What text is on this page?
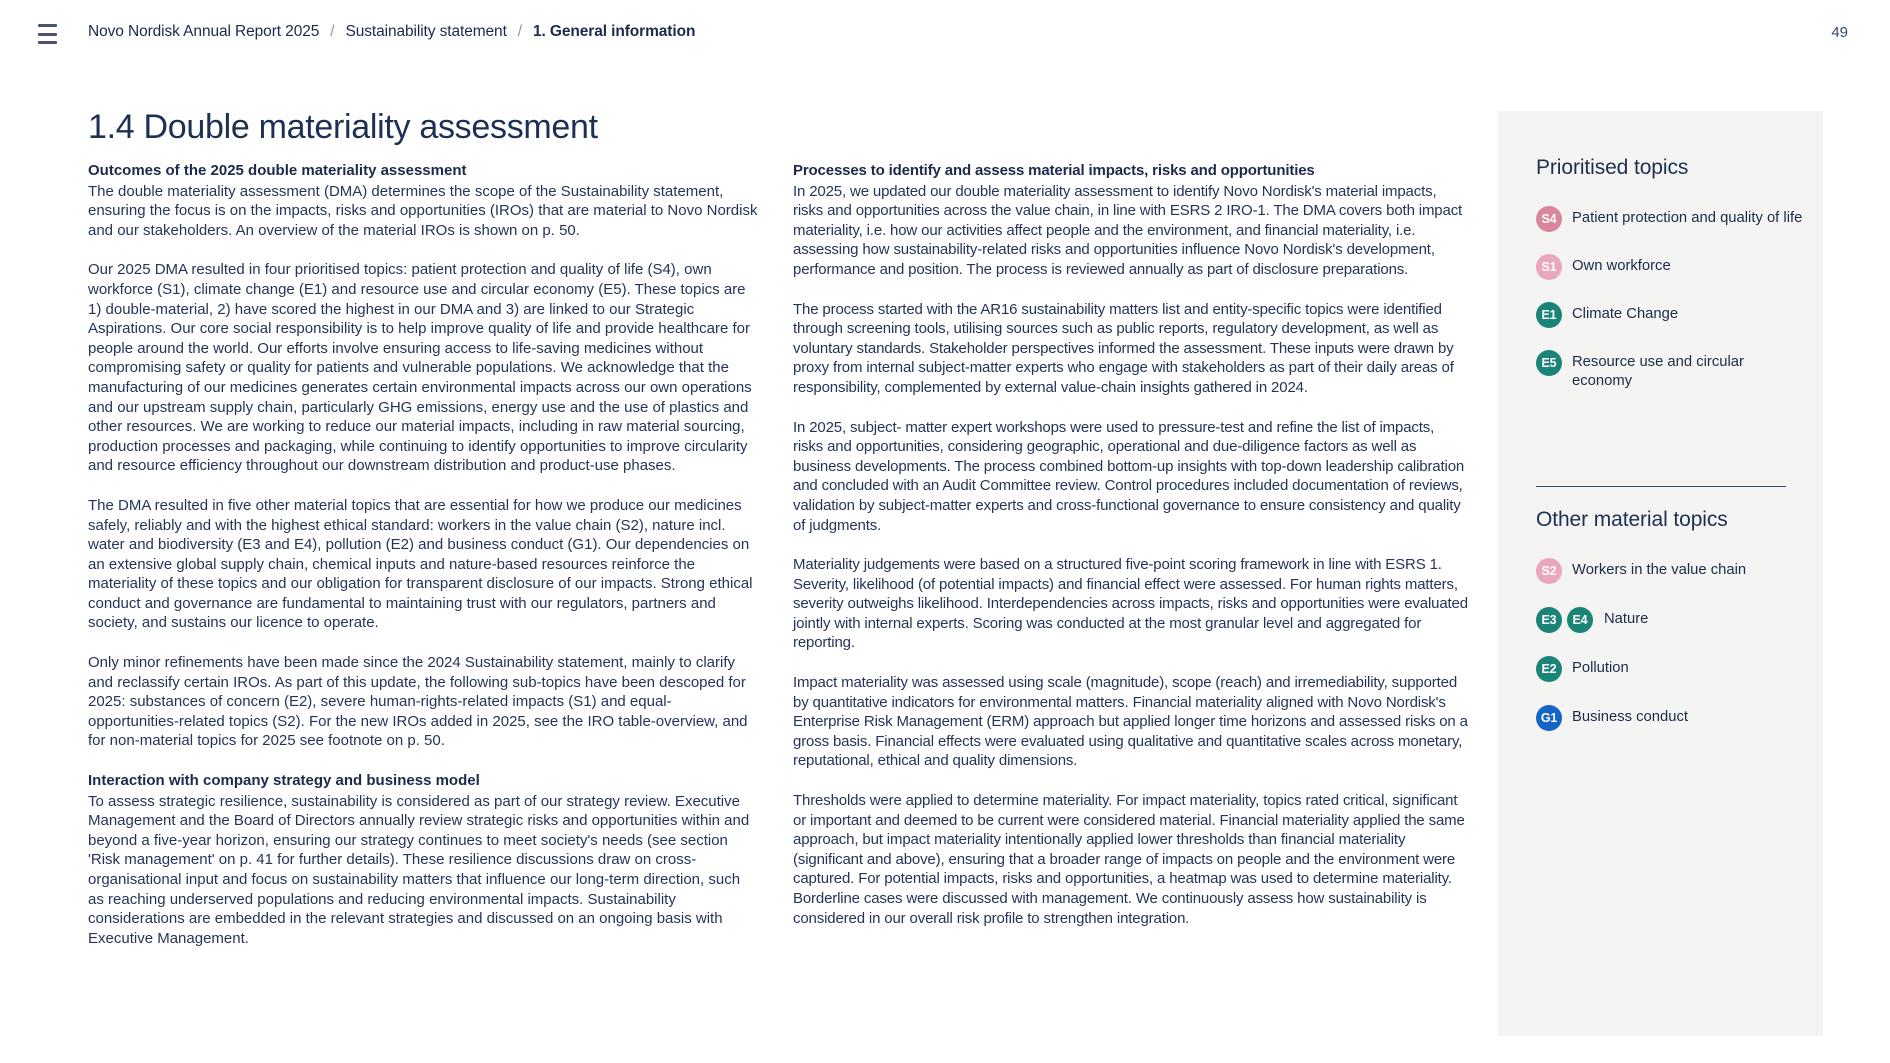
Novo Nordisk Annual Report 2025 / Sustainability statement / 1. General information	49
1.4 Double materiality assessment
Outcomes of the 2025 double materiality assessment

The double materiality assessment (DMA) determines the scope of the Sustainability statement, ensuring the focus is on the impacts, risks and opportunities (IROs) that are material to Novo Nordisk and our stakeholders. An overview of the material IROs is shown on p. 50.

Our 2025 DMA resulted in four prioritised topics: patient protection and quality of life (S4), own workforce (S1), climate change (E1) and resource use and circular economy (E5). These topics are 1) double-material, 2) have scored the highest in our DMA and 3) are linked to our Strategic Aspirations. Our core social responsibility is to help improve quality of life and provide healthcare for people around the world. Our efforts involve ensuring access to life-saving medicines without compromising safety or quality for patients and vulnerable populations. We acknowledge that the manufacturing of our medicines generates certain environmental impacts across our own operations and our upstream supply chain, particularly GHG emissions, energy use and the use of plastics and other resources. We are working to reduce our material impacts, including in raw material sourcing, production processes and packaging, while continuing to identify opportunities to improve circularity and resource efficiency throughout our downstream distribution and product-use phases.

The DMA resulted in five other material topics that are essential for how we produce our medicines safely, reliably and with the highest ethical standard: workers in the value chain (S2), nature incl. water and biodiversity (E3 and E4), pollution (E2) and business conduct (G1). Our dependencies on an extensive global supply chain, chemical inputs and nature-based resources reinforce the materiality of these topics and our obligation for transparent disclosure of our impacts. Strong ethical conduct and governance are fundamental to maintaining trust with our regulators, partners and society, and sustains our licence to operate.

Only minor refinements have been made since the 2024 Sustainability statement, mainly to clarify and reclassify certain IROs. As part of this update, the following sub-topics have been descoped for 2025: substances of concern (E2), severe human-rights-related impacts (S1) and equal-opportunities-related topics (S2). For the new IROs added in 2025, see the IRO table-overview, and for non-material topics for 2025 see footnote on p. 50.

Interaction with company strategy and business model

To assess strategic resilience, sustainability is considered as part of our strategy review. Executive Management and the Board of Directors annually review strategic risks and opportunities within and beyond a five-year horizon, ensuring our strategy continues to meet society's needs (see section 'Risk management' on p. 41 for further details). These resilience discussions draw on cross-organisational input and focus on sustainability matters that influence our long-term direction, such as reaching underserved populations and reducing environmental impacts. Sustainability considerations are embedded in the relevant strategies and discussed on an ongoing basis with Executive Management.

Processes to identify and assess material impacts, risks and opportunities

In 2025, we updated our double materiality assessment to identify Novo Nordisk's material impacts, risks and opportunities across the value chain, in line with ESRS 2 IRO-1. The DMA covers both impact materiality, i.e. how our activities affect people and the environment, and financial materiality, i.e. assessing how sustainability-related risks and opportunities influence Novo Nordisk's development, performance and position. The process is reviewed annually as part of disclosure preparations.

The process started with the AR16 sustainability matters list and entity-specific topics were identified through screening tools, utilising sources such as public reports, regulatory development, as well as voluntary standards. Stakeholder perspectives informed the assessment. These inputs were drawn by proxy from internal subject-matter experts who engage with stakeholders as part of their daily areas of responsibility, complemented by external value-chain insights gathered in 2024.

In 2025, subject- matter expert workshops were used to pressure-test and refine the list of impacts, risks and opportunities, considering geographic, operational and due-diligence factors as well as business developments. The process combined bottom-up insights with top-down leadership calibration and concluded with an Audit Committee review. Control procedures included documentation of reviews, validation by subject-matter experts and cross-functional governance to ensure consistency and quality of judgments.

Materiality judgements were based on a structured five-point scoring framework in line with ESRS 1. Severity, likelihood (of potential impacts) and financial effect were assessed. For human rights matters, severity outweighs likelihood. Interdependencies across impacts, risks and opportunities were evaluated jointly with internal experts. Scoring was conducted at the most granular level and aggregated for reporting.

Impact materiality was assessed using scale (magnitude), scope (reach) and irremediability, supported by quantitative indicators for environmental matters. Financial materiality aligned with Novo Nordisk's Enterprise Risk Management (ERM) approach but applied longer time horizons and assessed risks on a gross basis. Financial effects were evaluated using qualitative and quantitative scales across monetary, reputational, ethical and quality dimensions.

Thresholds were applied to determine materiality. For impact materiality, topics rated critical, significant or important and deemed to be current were considered material. Financial materiality applied the same approach, but impact materiality intentionally applied lower thresholds than financial materiality (significant and above), ensuring that a broader range of impacts on people and the environment were captured. For potential impacts, risks and opportunities, a heatmap was used to determine materiality. Borderline cases were discussed with management. We continuously assess how sustainability is considered in our overall risk profile to strengthen integration.

Prioritised topics
S4	Patient protection and quality of life
S1	Own workforce
E1	Climate Change
E5	Resource use and circular economy
Other material topics
S2	Workers in the value chain
E3	E4	Nature
E2	Pollution
G1	Business conduct
